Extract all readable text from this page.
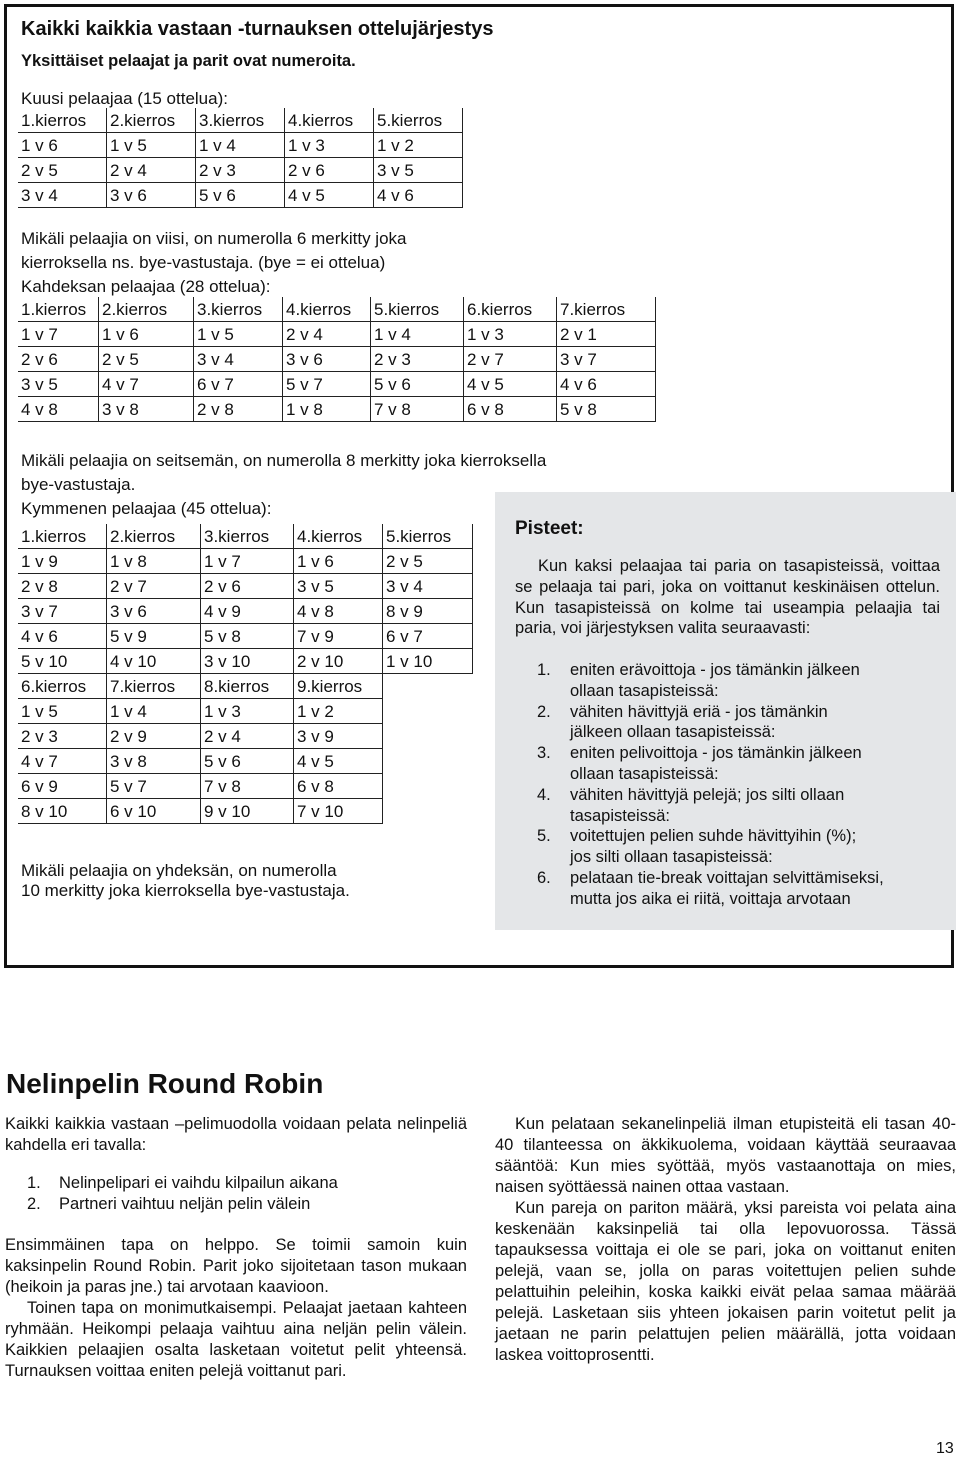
Kaikki kaikkia vastaan -turnauksen ottelujärjestys
Yksittäiset pelaajat ja parit ovat numeroita.
Kuusi pelaajaa (15 ottelua):
1.kierros	2.kierros	3.kierros	4.kierros	5.kierros
1 v 6	1 v 5	1 v 4	1 v 3	1 v 2
2 v 5	2 v 4	2 v 3	2 v 6	3 v 5
3 v 4	3 v 6	5 v 6	4 v 5	4 v 6
Mikäli pelaajia on viisi, on numerolla 6 merkitty joka
kierroksella ns. bye-vastustaja. (bye = ei ottelua)
Kahdeksan pelaajaa (28 ottelua):
1.kierros	2.kierros	3.kierros	4.kierros	5.kierros	6.kierros	7.kierros
1 v 7	1 v 6	1 v 5	2 v 4	1 v 4	1 v 3	2 v 1
2 v 6	2 v 5	3 v 4	3 v 6	2 v 3	2 v 7	3 v 7
3 v 5	4 v 7	6 v 7	5 v 7	5 v 6	4 v 5	4 v 6
4 v 8	3 v 8	2 v 8	1 v 8	7 v 8	6 v 8	5 v 8
Mikäli pelaajia on seitsemän, on numerolla 8 merkitty joka kierroksella
bye-vastustaja.
Kymmenen pelaajaa (45 ottelua):
1.kierros	2.kierros	3.kierros	4.kierros	5.kierros
1 v 9	1 v 8	1 v 7	1 v 6	2 v 5
2 v 8	2 v 7	2 v 6	3 v 5	3 v 4
3 v 7	3 v 6	4 v 9	4 v 8	8 v 9
4 v 6	5 v 9	5 v 8	7 v 9	6 v 7
5 v 10	4 v 10	3 v 10	2 v 10	1 v 10
6.kierros	7.kierros	8.kierros	9.kierros	
1 v 5	1 v 4	1 v 3	1 v 2	
2 v 3	2 v 9	2 v 4	3 v 9	
4 v 7	3 v 8	5 v 6	4 v 5	
6 v 9	5 v 7	7 v 8	6 v 8	
8 v 10	6 v 10	9 v 10	7 v 10	
Mikäli pelaajia on yhdeksän, on numerolla
10 merkitty joka kierroksella bye-vastustaja.
Pisteet:
Kun kaksi pelaajaa tai paria on tasapisteissä, voittaa se pelaaja tai pari, joka on voittanut keskinäisen ottelun. Kun tasapisteissä on kolme tai useampia pelaajia tai paria, voi järjestyksen valita seuraavasti:
1. eniten erävoittoja - jos tämänkin jälkeen
ollaan tasapisteissä:
2. vähiten hävittyjä eriä - jos tämänkin
jälkeen ollaan tasapisteissä:
3. eniten pelivoittoja - jos tämänkin jälkeen
ollaan tasapisteissä:
4. vähiten hävittyjä pelejä; jos silti ollaan
tasapisteissä:
5. voitettujen pelien suhde hävittyihin (%);
jos silti ollaan tasapisteissä:
6. pelataan tie-break voittajan selvittämiseksi,
mutta jos aika ei riitä, voittaja arvotaan
Nelinpelin Round Robin
Kaikki kaikkia vastaan –pelimuodolla voidaan pelata nelinpeliä kahdella eri tavalla:
1. Nelinpelipari ei vaihdu kilpailun aikana
2. Partneri vaihtuu neljän pelin välein
Ensimmäinen tapa on helppo. Se toimii samoin kuin kaksinpelin Round Robin. Parit joko sijoitetaan tason mukaan (heikoin ja paras jne.) tai arvotaan kaavioon.
Toinen tapa on monimutkaisempi. Pelaajat jaetaan kahteen ryhmään. Heikompi pelaaja vaihtuu aina neljän pelin välein. Kaikkien pelaajien osalta lasketaan voitetut pelit yhteensä. Turnauksen voittaa eniten pelejä voittanut pari.
Kun pelataan sekanelinpeliä ilman etupisteitä eli tasan 40-40 tilanteessa on äkkikuolema, voidaan käyttää seuraavaa sääntöä: Kun mies syöttää, myös vastaanottaja on mies, naisen syöttäessä nainen ottaa vastaan.
Kun pareja on pariton määrä, yksi pareista voi pelata aina keskenään kaksinpeliä tai olla lepovuorossa. Tässä tapauksessa voittaja ei ole se pari, joka on voittanut eniten pelejä, vaan se, jolla on paras voitettujen pelien suhde pelattuihin peleihin, koska kaikki eivät pelaa samaa määrää pelejä. Lasketaan siis yhteen jokaisen parin voitetut pelit ja jaetaan ne parin pelattujen pelien määrällä, jotta voidaan laskea voittoprosentti.
13
